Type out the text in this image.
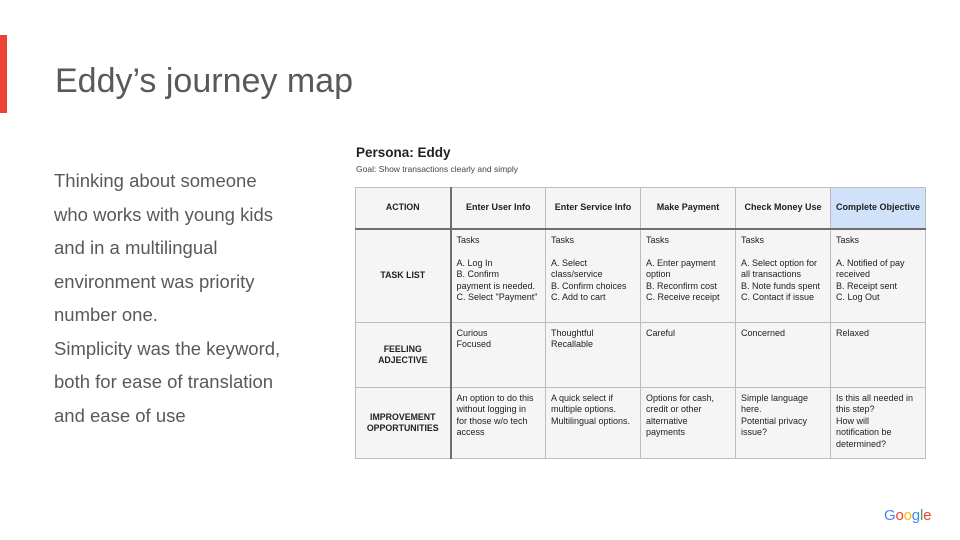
Eddy’s journey map

Thinking about someone

who works with young kids

and in a multilingual

environment was priority

number one.

Simplicity was the keyword,

both for ease of translation

and ease of use

Persona: Eddy
Goal: Show transactions clearly and simply
ACTION	Enter User Info	Enter Service Info	Make Payment	Check Money Use	Complete Objective
TASK LIST	Tasks
A. Log In
B. Confirm
payment is needed.
C. Select "Payment"	Tasks
A. Select
class/service
B. Confirm choices
C. Add to cart	Tasks
A. Enter payment
option
B. Reconfirm cost
C. Receive receipt	Tasks
A. Select option for
all transactions
B. Note funds spent
C. Contact if issue	Tasks
A. Notified of pay
received
B. Receipt sent
C. Log Out

FEELING ADJECTIVE	Curious
Focused	Thoughtful
Recallable	Careful	Concerned	Relaxed

IMPROVEMENT OPPORTUNITIES	An option to do this
without logging in
for those w/o tech
access	A quick select if
multiple options.
Multilingual options.	Options for cash,
credit or other
alternative
payments	Simple language
here.
Potential privacy
issue?	Is this all needed in
this step?
How will
notification be
determined?
Google
